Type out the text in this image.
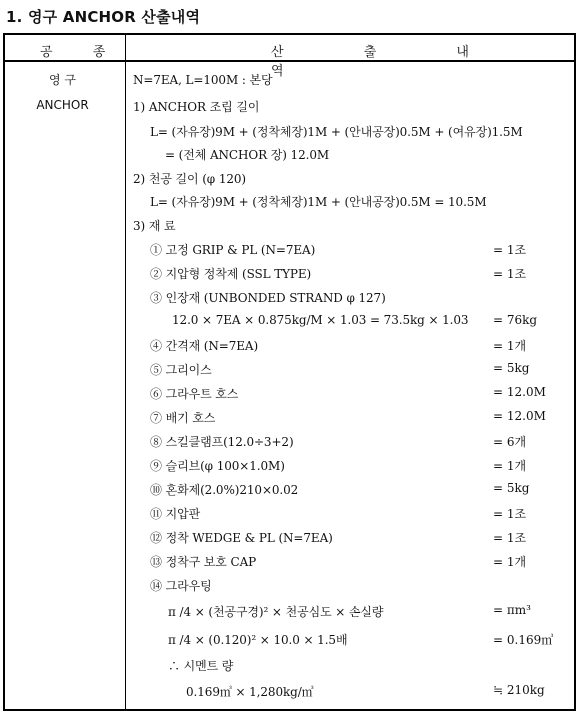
1. 영구 ANCHOR 산출내역
공 종	산 출 내 역
영 구
ANCHOR
N=7EA, L=100M : 본당
1) ANCHOR 조립 길이
L= (자유장)9M + (정착체장)1M + (안내공장)0.5M + (여유장)1.5M
= (전체 ANCHOR 장) 12.0M
2) 천공 길이 (φ 120)
L= (자유장)9M + (정착체장)1M + (안내공장)0.5M = 10.5M
3) 재 료
① 고정 GRIP & PL (N=7EA)	= 1조
② 지압형 정착제 (SSL TYPE)	= 1조
③ 인장재 (UNBONDED STRAND φ 127)
12.0 × 7EA × 0.875kg/M × 1.03 = 73.5kg × 1.03 = 76kg
④ 간격재 (N=7EA)	= 1개
⑤ 그리이스	= 5kg
⑥ 그라우트 호스	= 12.0M
⑦ 배기 호스	= 12.0M
⑧ 스킬클램프(12.0÷3+2)	= 6개
⑨ 슬리브(φ 100×1.0M)	= 1개
⑩ 혼화제(2.0%)210×0.02	= 5kg
⑪ 지압판	= 1조
⑫ 정착 WEDGE & PL (N=7EA)	= 1조
⑬ 정착구 보호 CAP	= 1개
⑭ 그라우팅
π /4 × (천공구경)² × 천공심도 × 손실량	= πm³
π /4 × (0.120)² × 10.0 × 1.5배	= 0.169㎥
∴ 시멘트 량
0.169㎥ × 1,280kg/㎥	≒ 210kg
